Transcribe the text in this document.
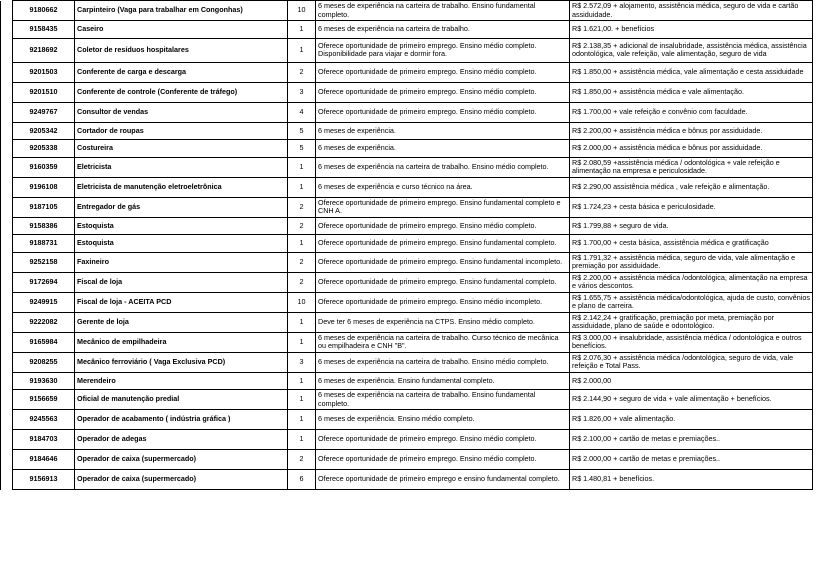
	9180662	Carpinteiro (Vaga para trabalhar em Congonhas)	10	6 meses de experiência na carteira de trabalho. Ensino fundamental completo.	R$ 2.572,09 + alojamento, assistência médica, seguro de vida e cartão assiduidade.	
	9158435	Caseiro	1	6 meses de experiência na carteira de trabalho.	R$ 1.621,00. + benefícios	
	9218692	Coletor de resíduos hospitalares	1	Oferece oportunidade de primeiro emprego. Ensino médio completo. Disponibilidade para viajar e dormir fora.	R$ 2.138,35 + adicional de insalubridade, assistência médica, assistência odontológica, vale refeição, vale alimentação, seguro de vida	
	9201503	Conferente de carga e descarga	2	Oferece oportunidade de primeiro emprego. Ensino médio completo.	R$ 1.850,00 + assistência médica, vale alimentação e cesta assiduidade	
	9201510	Conferente de controle (Conferente de tráfego)	3	Oferece oportunidade de primeiro emprego. Ensino médio completo.	R$ 1.850,00 + assistência médica e vale alimentação.	
	9249767	Consultor de vendas	4	Oferece oportunidade de primeiro emprego. Ensino médio completo.	R$ 1.700,00 + vale refeição e convênio com faculdade.	
	9205342	Cortador de roupas	5	6 meses de experiência.	R$ 2.200,00 + assistência médica e bônus por assiduidade.	
	9205338	Costureira	5	6 meses de experiência.	R$ 2.000,00 + assistência médica e bônus por assiduidade.	
	9160359	Eletricista	1	6 meses de experiência na carteira de trabalho. Ensino médio completo.	R$ 2.080,59 +assistência médica / odontológica + vale refeição e alimentação na empresa e periculosidade.	
	9196108	Eletricista de manutenção eletroeletrônica	1	6 meses de experiência e curso técnico na área.	R$ 2.290,00 assistência médica , vale refeição e alimentação.	
	9187105	Entregador de gás	2	Oferece oportunidade de primeiro emprego. Ensino fundamental completo e CNH A.	R$ 1.724,23 + cesta básica e periculosidade.	
	9158386	Estoquista	2	Oferece oportunidade de primeiro emprego. Ensino médio completo.	R$ 1.799,88 + seguro de vida.	
	9188731	Estoquista	1	Oferece oportunidade de primeiro emprego. Ensino fundamental completo.	R$ 1.700,00 + cesta básica, assistência médica e gratificação	
	9252158	Faxineiro	2	Oferece oportunidade de primeiro emprego. Ensino fundamental incompleto.	R$ 1.791,32 + assistência médica, seguro de vida, vale alimentação e premiação por assiduidade.	
	9172694	Fiscal de loja	2	Oferece oportunidade de primeiro emprego. Ensino fundamental completo.	R$ 2.200,00 + assistência médica /odontológica, alimentação na empresa e vários descontos.	
	9249915	Fiscal de loja - ACEITA PCD	10	Oferece oportunidade de primeiro emprego. Ensino médio incompleto.	R$ 1.655,75 + assistência médica/odontológica, ajuda de custo, convênios e plano de carreira.	
	9222082	Gerente de loja	1	Deve ter 6 meses de experiência na CTPS. Ensino médio completo.	R$ 2.142,24 + gratificação, premiação por meta, premiação por assiduidade, plano de saúde e odontológico.	
	9165984	Mecânico de empilhadeira	1	6 meses de experiência na carteira de trabalho. Curso técnico de mecânica ou empilhadeira e CNH "B".	R$ 3.000,00 + insalubridade, assistência médica / odontológica e outros benefícios.	
	9208255	Mecânico ferroviário ( Vaga Exclusiva PCD)	3	6 meses de experiência na carteira de trabalho. Ensino médio completo.	R$ 2.076,30 + assistência médica /odontológica, seguro de vida, vale refeição e Total Pass.	
	9193630	Merendeiro	1	6 meses de experiência. Ensino fundamental completo.	R$ 2.000,00	
	9156659	Oficial de manutenção predial	1	6 meses de experiência na carteira de trabalho. Ensino fundamental completo.	R$ 2.144,90 + seguro de vida + vale alimentação + benefícios.	
	9245563	Operador de acabamento ( indústria gráfica )	1	6 meses de experiência. Ensino médio completo.	R$ 1.826,00 + vale alimentação.	
	9184703	Operador de adegas	1	Oferece oportunidade de primeiro emprego. Ensino médio completo.	R$ 2.100,00 + cartão de metas e premiações..	
	9184646	Operador de caixa (supermercado)	2	Oferece oportunidade de primeiro emprego. Ensino médio completo.	R$ 2.000,00 + cartão de metas e premiações..	
	9156913	Operador de caixa (supermercado)	6	Oferece oportunidade de primeiro emprego e ensino fundamental completo.	R$ 1.480,81 + benefícios.	
